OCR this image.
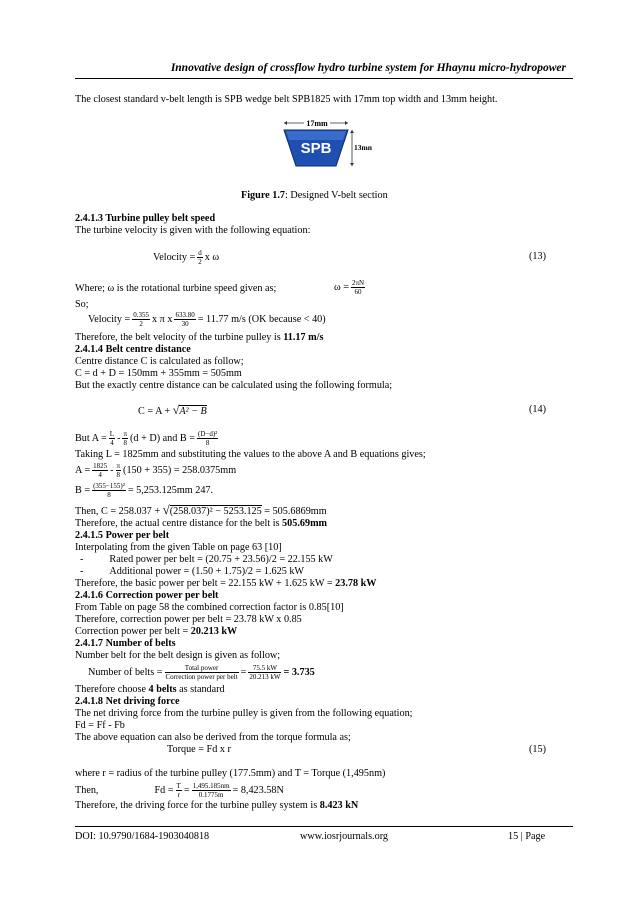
Innovative design of crossflow hydro turbine system for Hhaynu micro-hydropower
The closest standard v-belt length is SPB wedge belt SPB1825 with 17mm top width and 13mm height.
17mm
SPB	13mm
Figure 1.7: Designed V-belt section
2.4.1.3 Turbine pulley belt speed
The turbine velocity is given with the following equation:
Velocity = $\frac{d}{2}$ x ω	(13)
Where; ω is the rotational turbine speed given as;	$\omega = \frac{2\pi N}{60}$
So;
Velocity = $\frac{0.355}{2}$ x π x $\frac{633.80}{30} = 11.77$ m/s (OK because < 40)
Therefore, the belt velocity of the turbine pulley is 11.17 m/s
2.4.1.4 Belt centre distance
Centre distance C is calculated as follow;
C = d + D = 150mm + 355mm = 505mm
But the exactly centre distance can be calculated using the following formula;
C = A + √A² − B	(14)
But $A = \frac{L}{4} - \frac{\pi}{8} (d + D)$ and $B = \frac{\text{(D−d)²}}{8}$
Taking L = 1825mm and substituting the values to the above A and B equations gives;
$A = \frac{1825}{4} - \frac{\pi}{8} (150 + 355) = 258.0375mm$
$B = \frac{\text{(355−155)²}}{8} = 5,253.125mm$ 247.
Then, C = 258.037 + √(258.037)² − 5253.125 = 505.6869mm
Therefore, the actual centre distance for the belt is 505.69mm
2.4.1.5 Power per belt
Interpolating from the given Table on page 63 [10]
-	Rated power per belt = (20.75 + 23.56)/2 = 22.155 kW
-	Additional power = (1.50 + 1.75)/2 = 1.625 kW
Therefore, the basic power per belt = 22.155 kW + 1.625 kW = 23.78 kW
2.4.1.6 Correction power per belt
From Table on page 58 the combined correction factor is 0.85[10]
Therefore, correction power per belt = 23.78 kW x 0.85
Correction power per belt = 20.213 kW
2.4.1.7 Number of belts
Number belt for the belt design is given as follow;
Number of belts = $\frac{\text{Total power}}{\text{Correction power per belt}} = \frac{75.5 kW}{20.213 kW} = 3.735$
Therefore choose 4 belts as standard
2.4.1.8 Net driving force
The net driving force from the turbine pulley is given from the following equation;
Fd = Ff - Fb
The above equation can also be derived from the torque formula as;
Torque = Fd x r	(15)
where r = radius of the turbine pulley (177.5mm) and T = Torque (1,495nm)
Then,	$Fd = \frac{T}{r} = \frac{1,495.185nm}{0.1775m} = 8,423.58N$
Therefore, the driving force for the turbine pulley system is 8.423 kN
DOI: 10.9790/1684-1903040818	www.iosrjournals.org	15 | Page
